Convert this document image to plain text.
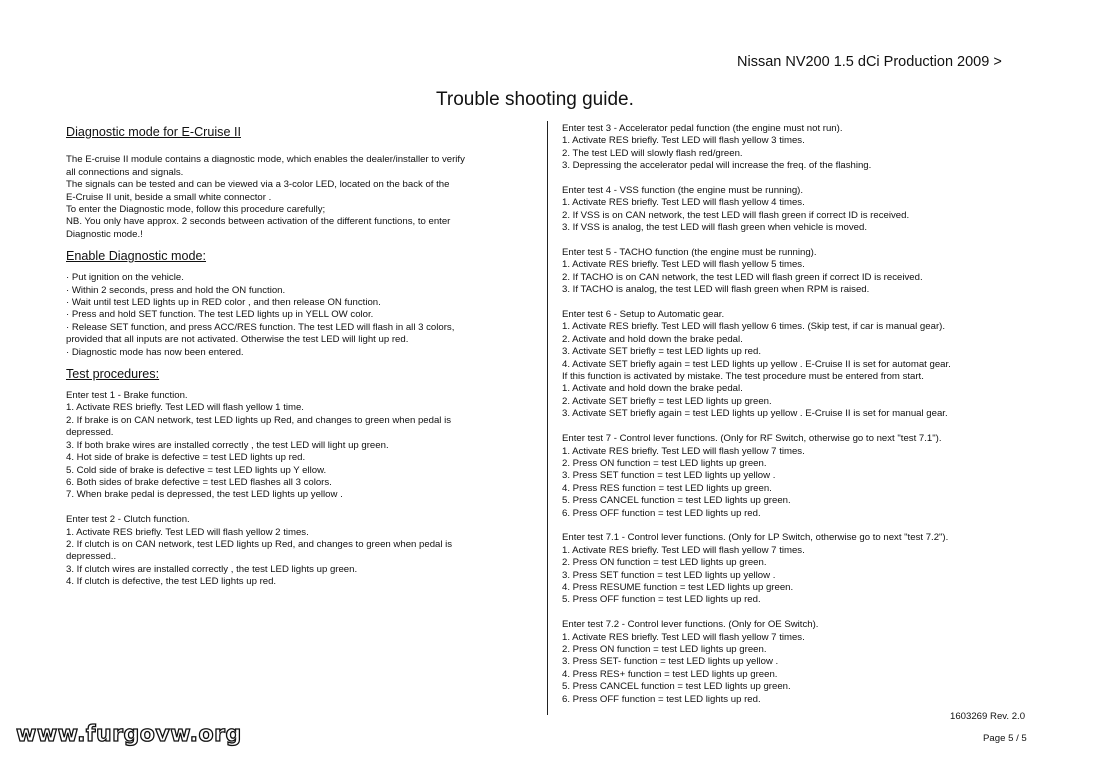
Nissan NV200 1.5 dCi Production 2009 >
Trouble shooting guide.
Diagnostic mode for E-Cruise II
The E-cruise II module contains a diagnostic mode, which enables the dealer/installer to verify
all connections and signals.
The signals can be tested and can be viewed via a 3-color LED, located on the back of the
E-Cruise II unit, beside a small white connector .
To enter the Diagnostic mode, follow this procedure carefully;
NB. You only have approx. 2 seconds between activation of the different functions, to enter
Diagnostic mode.!
Enable Diagnostic mode:
· Put ignition on the vehicle.
· Within 2 seconds, press and hold the ON function.
· Wait until test LED lights up in RED color , and then release ON function.
· Press and hold SET function. The test LED lights up in YELL OW color.
· Release SET function, and press ACC/RES function. The test LED will flash in all 3 colors,
provided that all inputs are not activated. Otherwise the test LED will light up red.
· Diagnostic mode has now been entered.
Test procedures:
Enter test 1 - Brake function.
1. Activate RES briefly. Test LED will flash yellow 1 time.
2. If brake is on CAN network, test LED lights up Red, and changes to green when pedal is
depressed.
3. If both brake wires are installed correctly , the test LED will light up green.
4. Hot side of brake is defective = test LED lights up red.
5. Cold side of brake is defective = test LED lights up Y ellow.
6. Both sides of brake defective = test LED flashes all 3 colors.
7. When brake pedal is depressed, the test LED lights up yellow .
Enter test 2 - Clutch function.
1. Activate RES briefly. Test LED will flash yellow 2 times.
2. If clutch is on CAN network, test LED lights up Red, and changes to green when pedal is
depressed..
3. If clutch wires are installed correctly , the test LED lights up green.
4. If clutch is defective, the test LED lights up red.
Enter test 3 - Accelerator pedal function (the engine must not run).
1. Activate RES briefly. Test LED will flash yellow 3 times.
2. The test LED will slowly flash red/green.
3. Depressing the accelerator pedal will increase the freq. of the flashing.
Enter test 4 - VSS function (the engine must be running).
1. Activate RES briefly. Test LED will flash yellow 4 times.
2. If VSS is on CAN network, the test LED will flash green if correct ID is received.
3. If VSS is analog, the test LED will flash green when vehicle is moved.
Enter test 5 - TACHO function (the engine must be running).
1. Activate RES briefly. Test LED will flash yellow 5 times.
2. If TACHO is on CAN network, the test LED will flash green if correct ID is received.
3. If TACHO is analog, the test LED will flash green when RPM is raised.
Enter test 6 - Setup to Automatic gear.
1. Activate RES briefly. Test LED will flash yellow 6 times. (Skip test, if car is manual gear).
2. Activate and hold down the brake pedal.
3. Activate SET briefly = test LED lights up red.
4. Activate SET briefly again = test LED lights up yellow . E-Cruise II is set for automat gear.
If this function is activated by mistake. The test procedure must be entered from start.
1. Activate and hold down the brake pedal.
2. Activate SET briefly = test LED lights up green.
3. Activate SET briefly again = test LED lights up yellow . E-Cruise II is set for manual gear.
Enter test 7 - Control lever functions. (Only for RF Switch, otherwise go to next "test 7.1").
1. Activate RES briefly. Test LED will flash yellow 7 times.
2. Press ON function = test LED lights up green.
3. Press SET function = test LED lights up yellow .
4. Press RES function = test LED lights up green.
5. Press CANCEL function = test LED lights up green.
6. Press OFF function = test LED lights up red.
Enter test 7.1 - Control lever functions. (Only for LP Switch, otherwise go to next "test 7.2").
1. Activate RES briefly. Test LED will flash yellow 7 times.
2. Press ON function = test LED lights up green.
3. Press SET function = test LED lights up yellow .
4. Press RESUME function = test LED lights up green.
5. Press OFF function = test LED lights up red.
Enter test 7.2 - Control lever functions. (Only for OE Switch).
1. Activate RES briefly. Test LED will flash yellow 7 times.
2. Press ON function = test LED lights up green.
3. Press SET- function = test LED lights up yellow .
4. Press RES+ function = test LED lights up green.
5. Press CANCEL function = test LED lights up green.
6. Press OFF function = test LED lights up red.
1603269 Rev. 2.0
Page 5 / 5
www.furgovw.org
